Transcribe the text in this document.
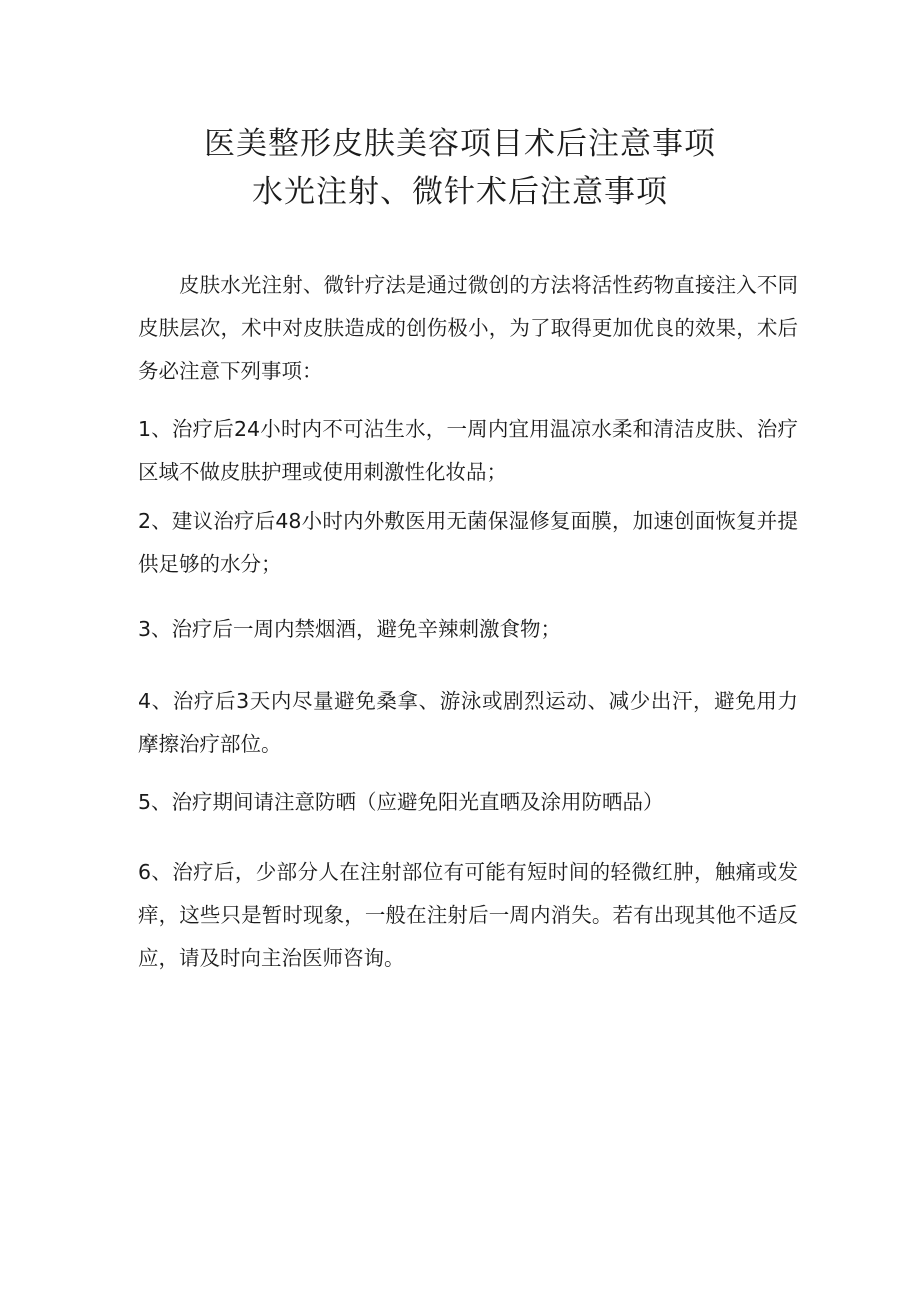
医美整形皮肤美容项目术后注意事项
水光注射、微针术后注意事项

皮肤水光注射、微针疗法是通过微创的方法将活性药物直接注入不同皮肤层次，术中对皮肤造成的创伤极小，为了取得更加优良的效果，术后务必注意下列事项：

1、治疗后24小时内不可沾生水，一周内宜用温凉水柔和清洁皮肤、治疗区域不做皮肤护理或使用刺激性化妆品；

2、建议治疗后48小时内外敷医用无菌保湿修复面膜，加速创面恢复并提供足够的水分；

3、治疗后一周内禁烟酒，避免辛辣刺激食物；

4、治疗后3天内尽量避免桑拿、游泳或剧烈运动、减少出汗，避免用力摩擦治疗部位。

5、治疗期间请注意防晒（应避免阳光直晒及涂用防晒品）

6、治疗后，少部分人在注射部位有可能有短时间的轻微红肿，触痛或发痒，这些只是暂时现象，一般在注射后一周内消失。若有出现其他不适反应，请及时向主治医师咨询。
